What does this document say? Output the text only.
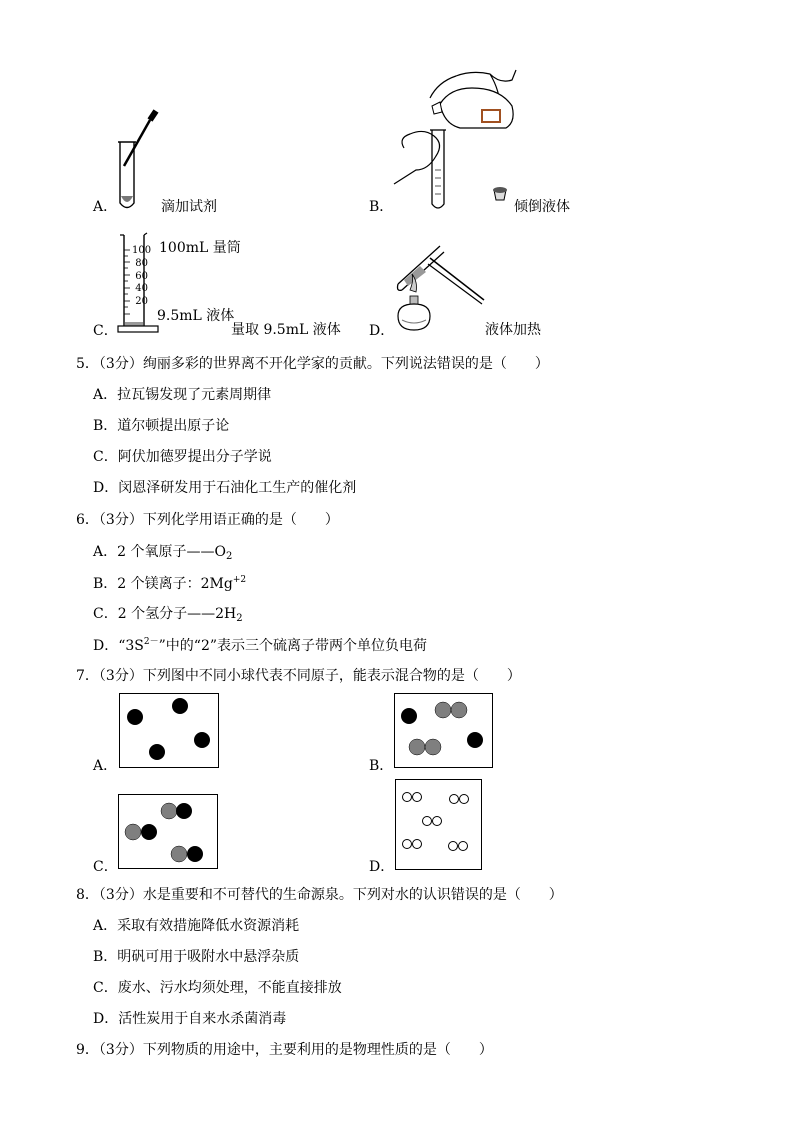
A．	滴加试剂	B．	倾倒液体
100
80
60
40
20
100mL 量筒
9.5mL 液体
C．	量取 9.5mL 液体 D．	液体加热
5．（3分）绚丽多彩的世界离不开化学家的贡献。下列说法错误的是（　　）
A．拉瓦锡发现了元素周期律
B．道尔顿提出原子论
C．阿伏加德罗提出分子学说
D．闵恩泽研发用于石油化工生产的催化剂
6．（3分）下列化学用语正确的是（　　）
A．2 个氧原子$——O_2$
B．2 个镁离子：$2Mg^{+2}$
C．2 个氢分子$——2H_2$
D．“$3S^{2-}$”中的“2”表示三个硫离子带两个单位负电荷
7．（3分）下列图中不同小球代表不同原子，能表示混合物的是（　　）
A．	B．
C．	D．
8．（3分）水是重要和不可替代的生命源泉。下列对水的认识错误的是（　　）
A．采取有效措施降低水资源消耗
B．明矾可用于吸附水中悬浮杂质
C．废水、污水均须处理，不能直接排放
D．活性炭用于自来水杀菌消毒
9．（3分）下列物质的用途中，主要利用的是物理性质的是（　　）
